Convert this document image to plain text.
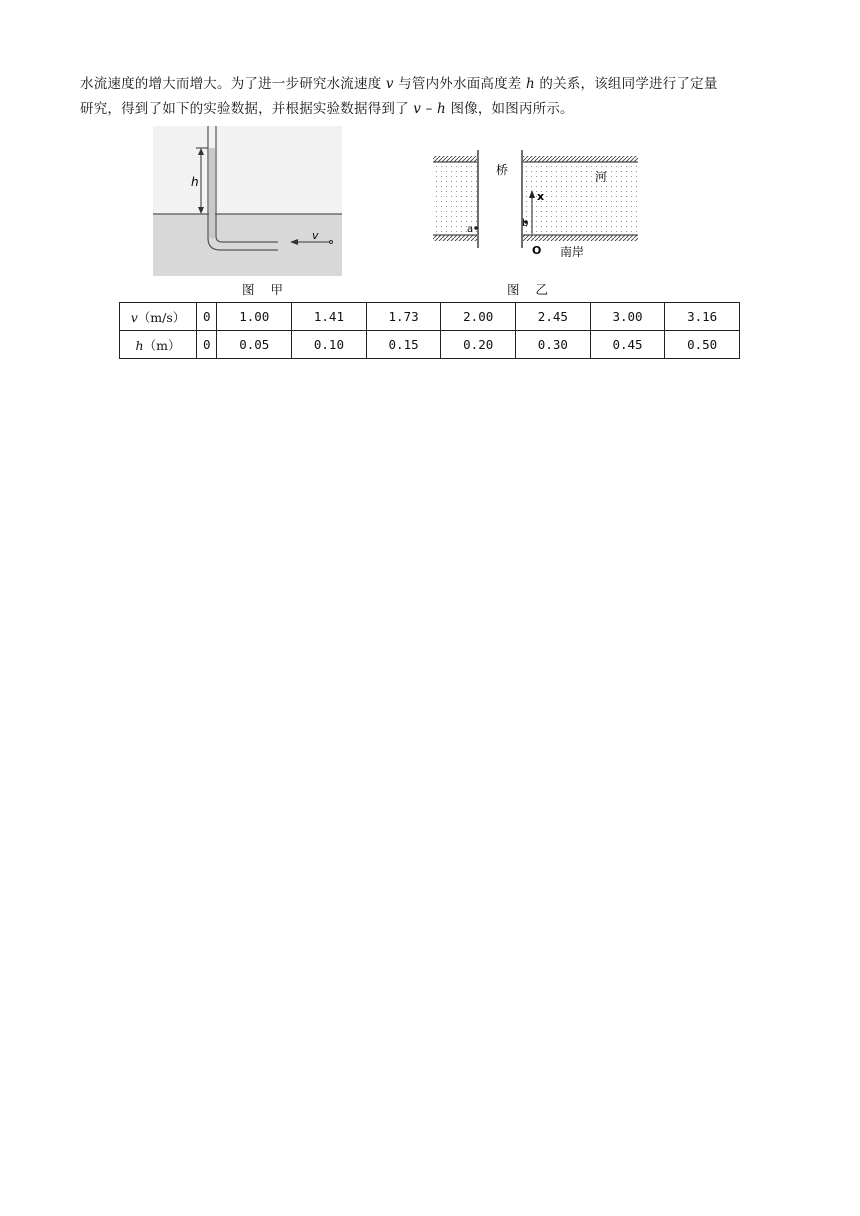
水流速度的增大而增大。为了进一步研究水流速度 v 与管内外水面高度差 h 的关系，该组同学进行了定量
研究，得到了如下的实验数据，并根据实验数据得到了 v – h 图像，如图丙所示。
h
v
图 甲
桥	河
x
a
b
O 南岸
图 乙
v（m/s）	0	1.00	1.41	1.73	2.00	2.45	3.00	3.16
h（m）	0	0.05	0.10	0.15	0.20	0.30	0.45	0.50
